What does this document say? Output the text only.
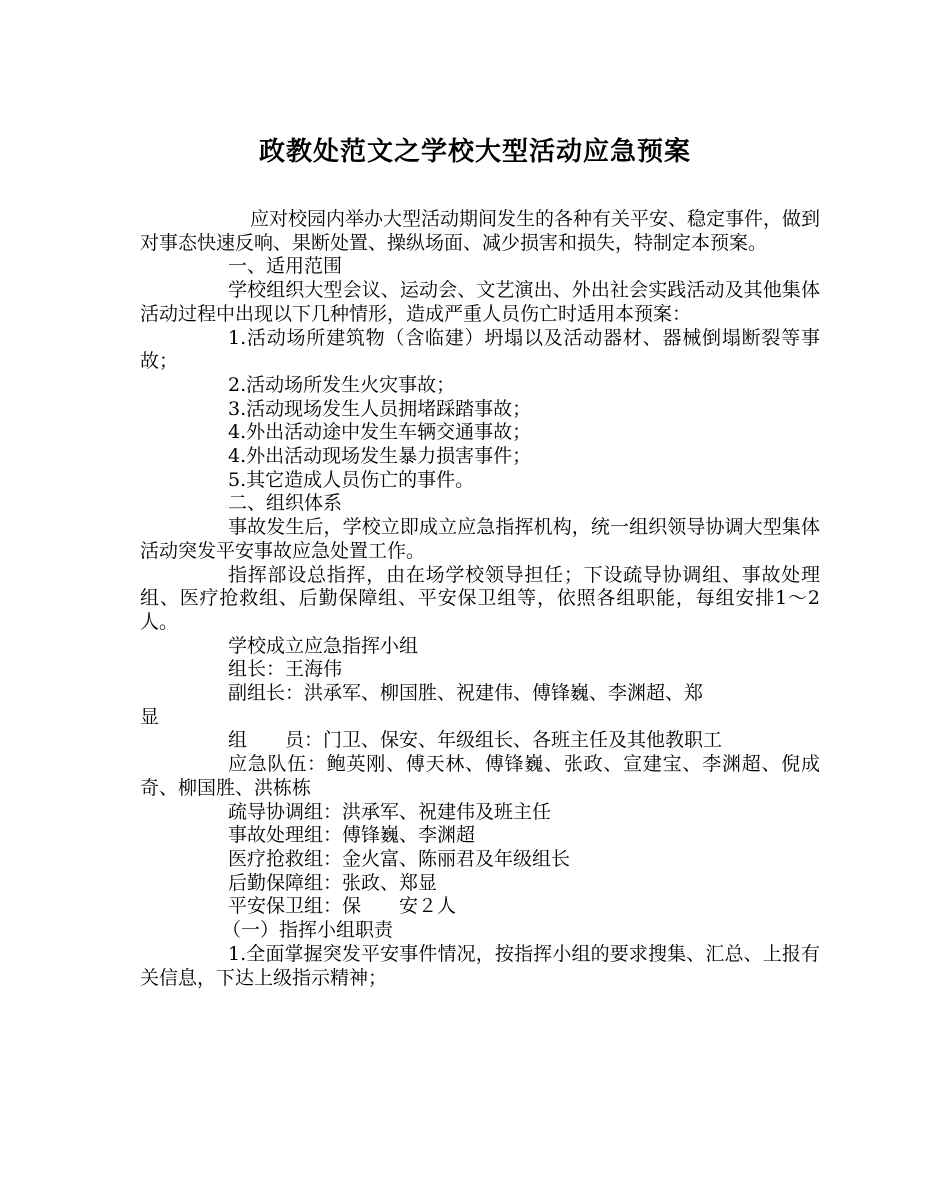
政教处范文之学校大型活动应急预案

应对校园内举办大型活动期间发生的各种有关平安、稳定事件，做到对事态快速反响、果断处置、操纵场面、减少损害和损失，特制定本预案。

一、适用范围

学校组织大型会议、运动会、文艺演出、外出社会实践活动及其他集体活动过程中出现以下几种情形，造成严重人员伤亡时适用本预案：

1.活动场所建筑物（含临建）坍塌以及活动器材、器械倒塌断裂等事故；

2.活动场所发生火灾事故；

3.活动现场发生人员拥堵踩踏事故；

4.外出活动途中发生车辆交通事故；

4.外出活动现场发生暴力损害事件；

5.其它造成人员伤亡的事件。

二、组织体系

事故发生后，学校立即成立应急指挥机构，统一组织领导协调大型集体活动突发平安事故应急处置工作。

指挥部设总指挥，由在场学校领导担任；下设疏导协调组、事故处理组、医疗抢救组、后勤保障组、平安保卫组等，依照各组职能，每组安排1～2人。

学校成立应急指挥小组

组长：王海伟

副组长：洪承军、柳国胜、祝建伟、傅锋巍、李渊超、郑

显

组　　员：门卫、保安、年级组长、各班主任及其他教职工

应急队伍：鲍英刚、傅天林、傅锋巍、张政、宣建宝、李渊超、倪成奇、柳国胜、洪栋栋

疏导协调组：洪承军、祝建伟及班主任

事故处理组：傅锋巍、李渊超

医疗抢救组：金火富、陈丽君及年级组长

后勤保障组：张政、郑显

平安保卫组：保　　安２人

（一）指挥小组职责

1.全面掌握突发平安事件情况，按指挥小组的要求搜集、汇总、上报有关信息，下达上级指示精神；
